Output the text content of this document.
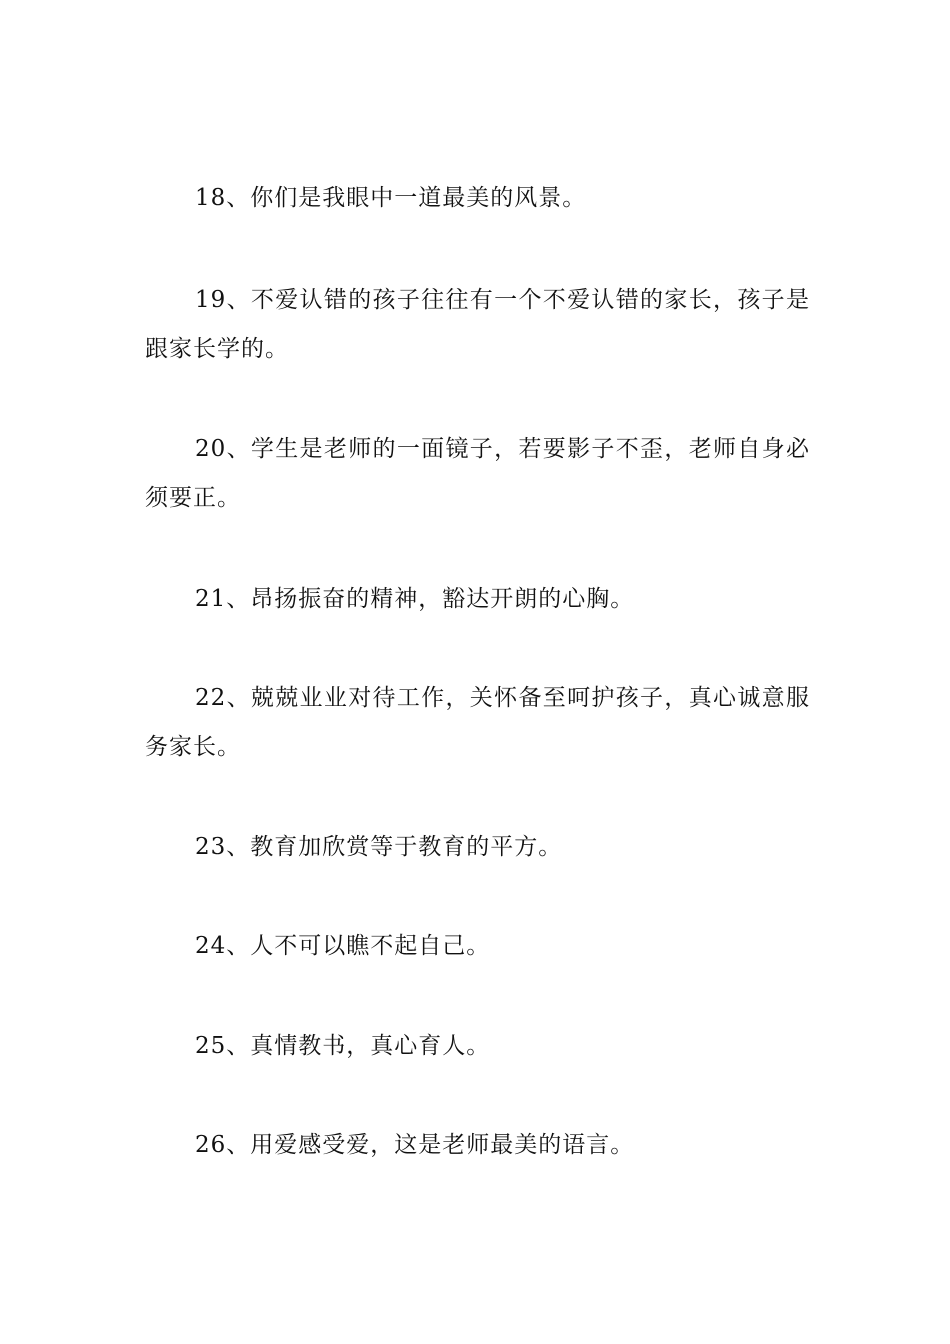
18、你们是我眼中一道最美的风景。

19、不爱认错的孩子往往有一个不爱认错的家长，孩子是跟家长学的。

20、学生是老师的一面镜子，若要影子不歪，老师自身必须要正。

21、昂扬振奋的精神，豁达开朗的心胸。

22、兢兢业业对待工作，关怀备至呵护孩子，真心诚意服务家长。

23、教育加欣赏等于教育的平方。

24、人不可以瞧不起自己。

25、真情教书，真心育人。

26、用爱感受爱，这是老师最美的语言。
